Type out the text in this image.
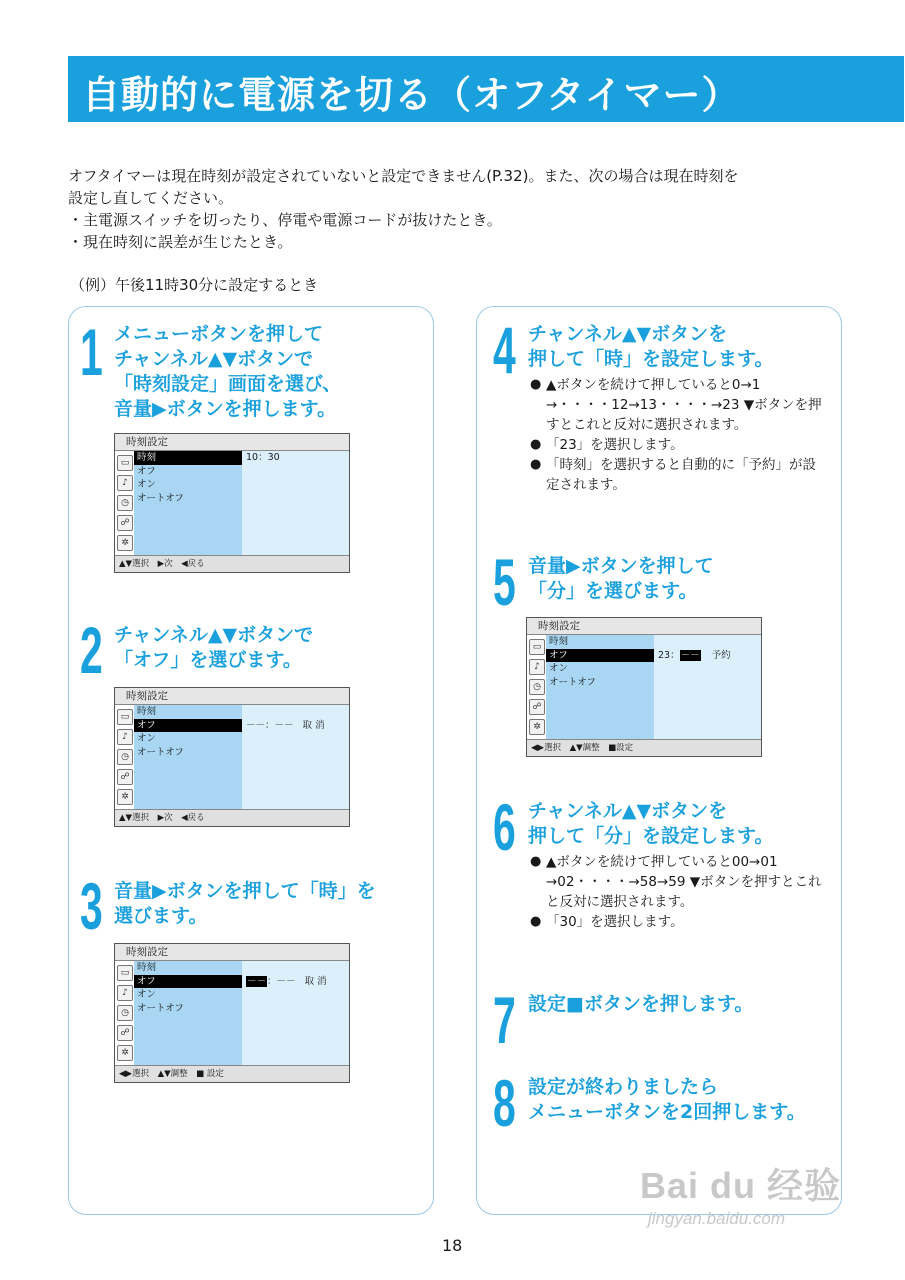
自動的に電源を切る（オフタイマー）
オフタイマーは現在時刻が設定されていないと設定できません(P.32)。また、次の場合は現在時刻を
設定し直してください。
・主電源スイッチを切ったり、停電や電源コードが抜けたとき。
・現在時刻に誤差が生じたとき。
（例）午後11時30分に設定するとき
1 メニューボタンを押して
チャンネル▲▼ボタンで
「時刻設定」画面を選び、
音量▶ボタンを押します。
時刻設定
▭
♪
◷
☍
✲
時刻
オフ
オン
オートオフ
10：30
▲▼選択　▶次　◀戻る
2 チャンネル▲▼ボタンで
「オフ」を選びます。
時刻設定
▭
♪
◷
☍
✲
時刻
オフ
オン
オートオフ
－－：－－ 取 消
▲▼選択　▶次　◀戻る
3 音量▶ボタンを押して「時」を
選びます。
時刻設定
▭
♪
◷
☍
✲
時刻
オフ
オン
オートオフ
－－：－－ 取 消
◀▶選択　▲▼調整　■ 設定
4 チャンネル▲▼ボタンを
押して「時」を設定します。
● ▲ボタンを続けて押していると0→1 →・・・・12→13・・・・→23 ▼ボタンを押すとこれと反対に選択されます。
● 「23」を選択します。
● 「時刻」を選択すると自動的に「予約」が設定されます。
5 音量▶ボタンを押して
「分」を選びます。
時刻設定
▭
♪
◷
☍
✲
時刻
オフ
オン
オートオフ
23：－－ 予約
◀▶選択　▲▼調整　■設定
6 チャンネル▲▼ボタンを
押して「分」を設定します。
● ▲ボタンを続けて押していると00→01 →02・・・・→58→59 ▼ボタンを押すとこれと反対に選択されます。
● 「30」を選択します。
7 設定■ボタンを押します。
8 設定が終わりましたら
メニューボタンを2回押します。
Bai du 经验
jingyan.baidu.com
18
